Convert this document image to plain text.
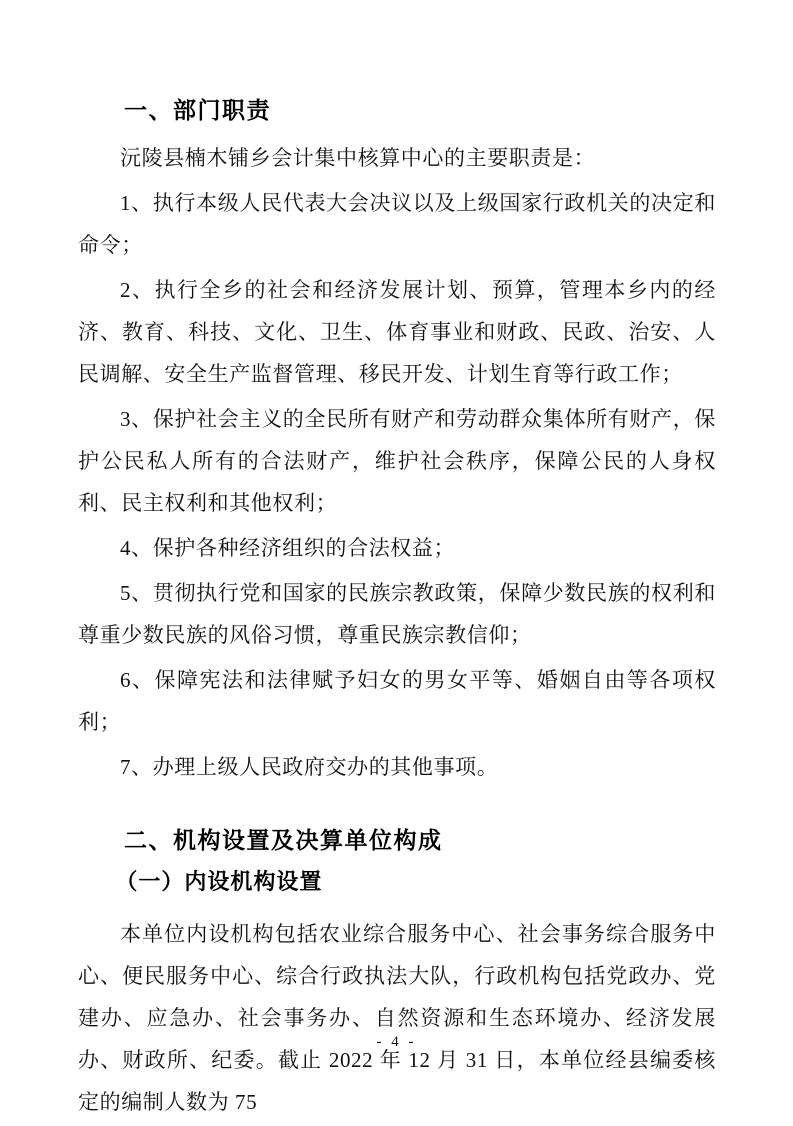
一、部门职责

沅陵县楠木铺乡会计集中核算中心的主要职责是：

1、执行本级人民代表大会决议以及上级国家行政机关的决定和命令；

2、执行全乡的社会和经济发展计划、预算，管理本乡内的经济、教育、科技、文化、卫生、体育事业和财政、民政、治安、人民调解、安全生产监督管理、移民开发、计划生育等行政工作；

3、保护社会主义的全民所有财产和劳动群众集体所有财产，保护公民私人所有的合法财产，维护社会秩序，保障公民的人身权利、民主权利和其他权利；

4、保护各种经济组织的合法权益；

5、贯彻执行党和国家的民族宗教政策，保障少数民族的权利和尊重少数民族的风俗习惯，尊重民族宗教信仰；

6、保障宪法和法律赋予妇女的男女平等、婚姻自由等各项权利；

7、办理上级人民政府交办的其他事项。

二、机构设置及决算单位构成
（一）内设机构设置

本单位内设机构包括农业综合服务中心、社会事务综合服务中心、便民服务中心、综合行政执法大队，行政机构包括党政办、党建办、应急办、社会事务办、自然资源和生态环境办、经济发展办、财政所、纪委。截止 2022 年 12 月 31 日，本单位经县编委核定的编制人数为 75

- 4 -
